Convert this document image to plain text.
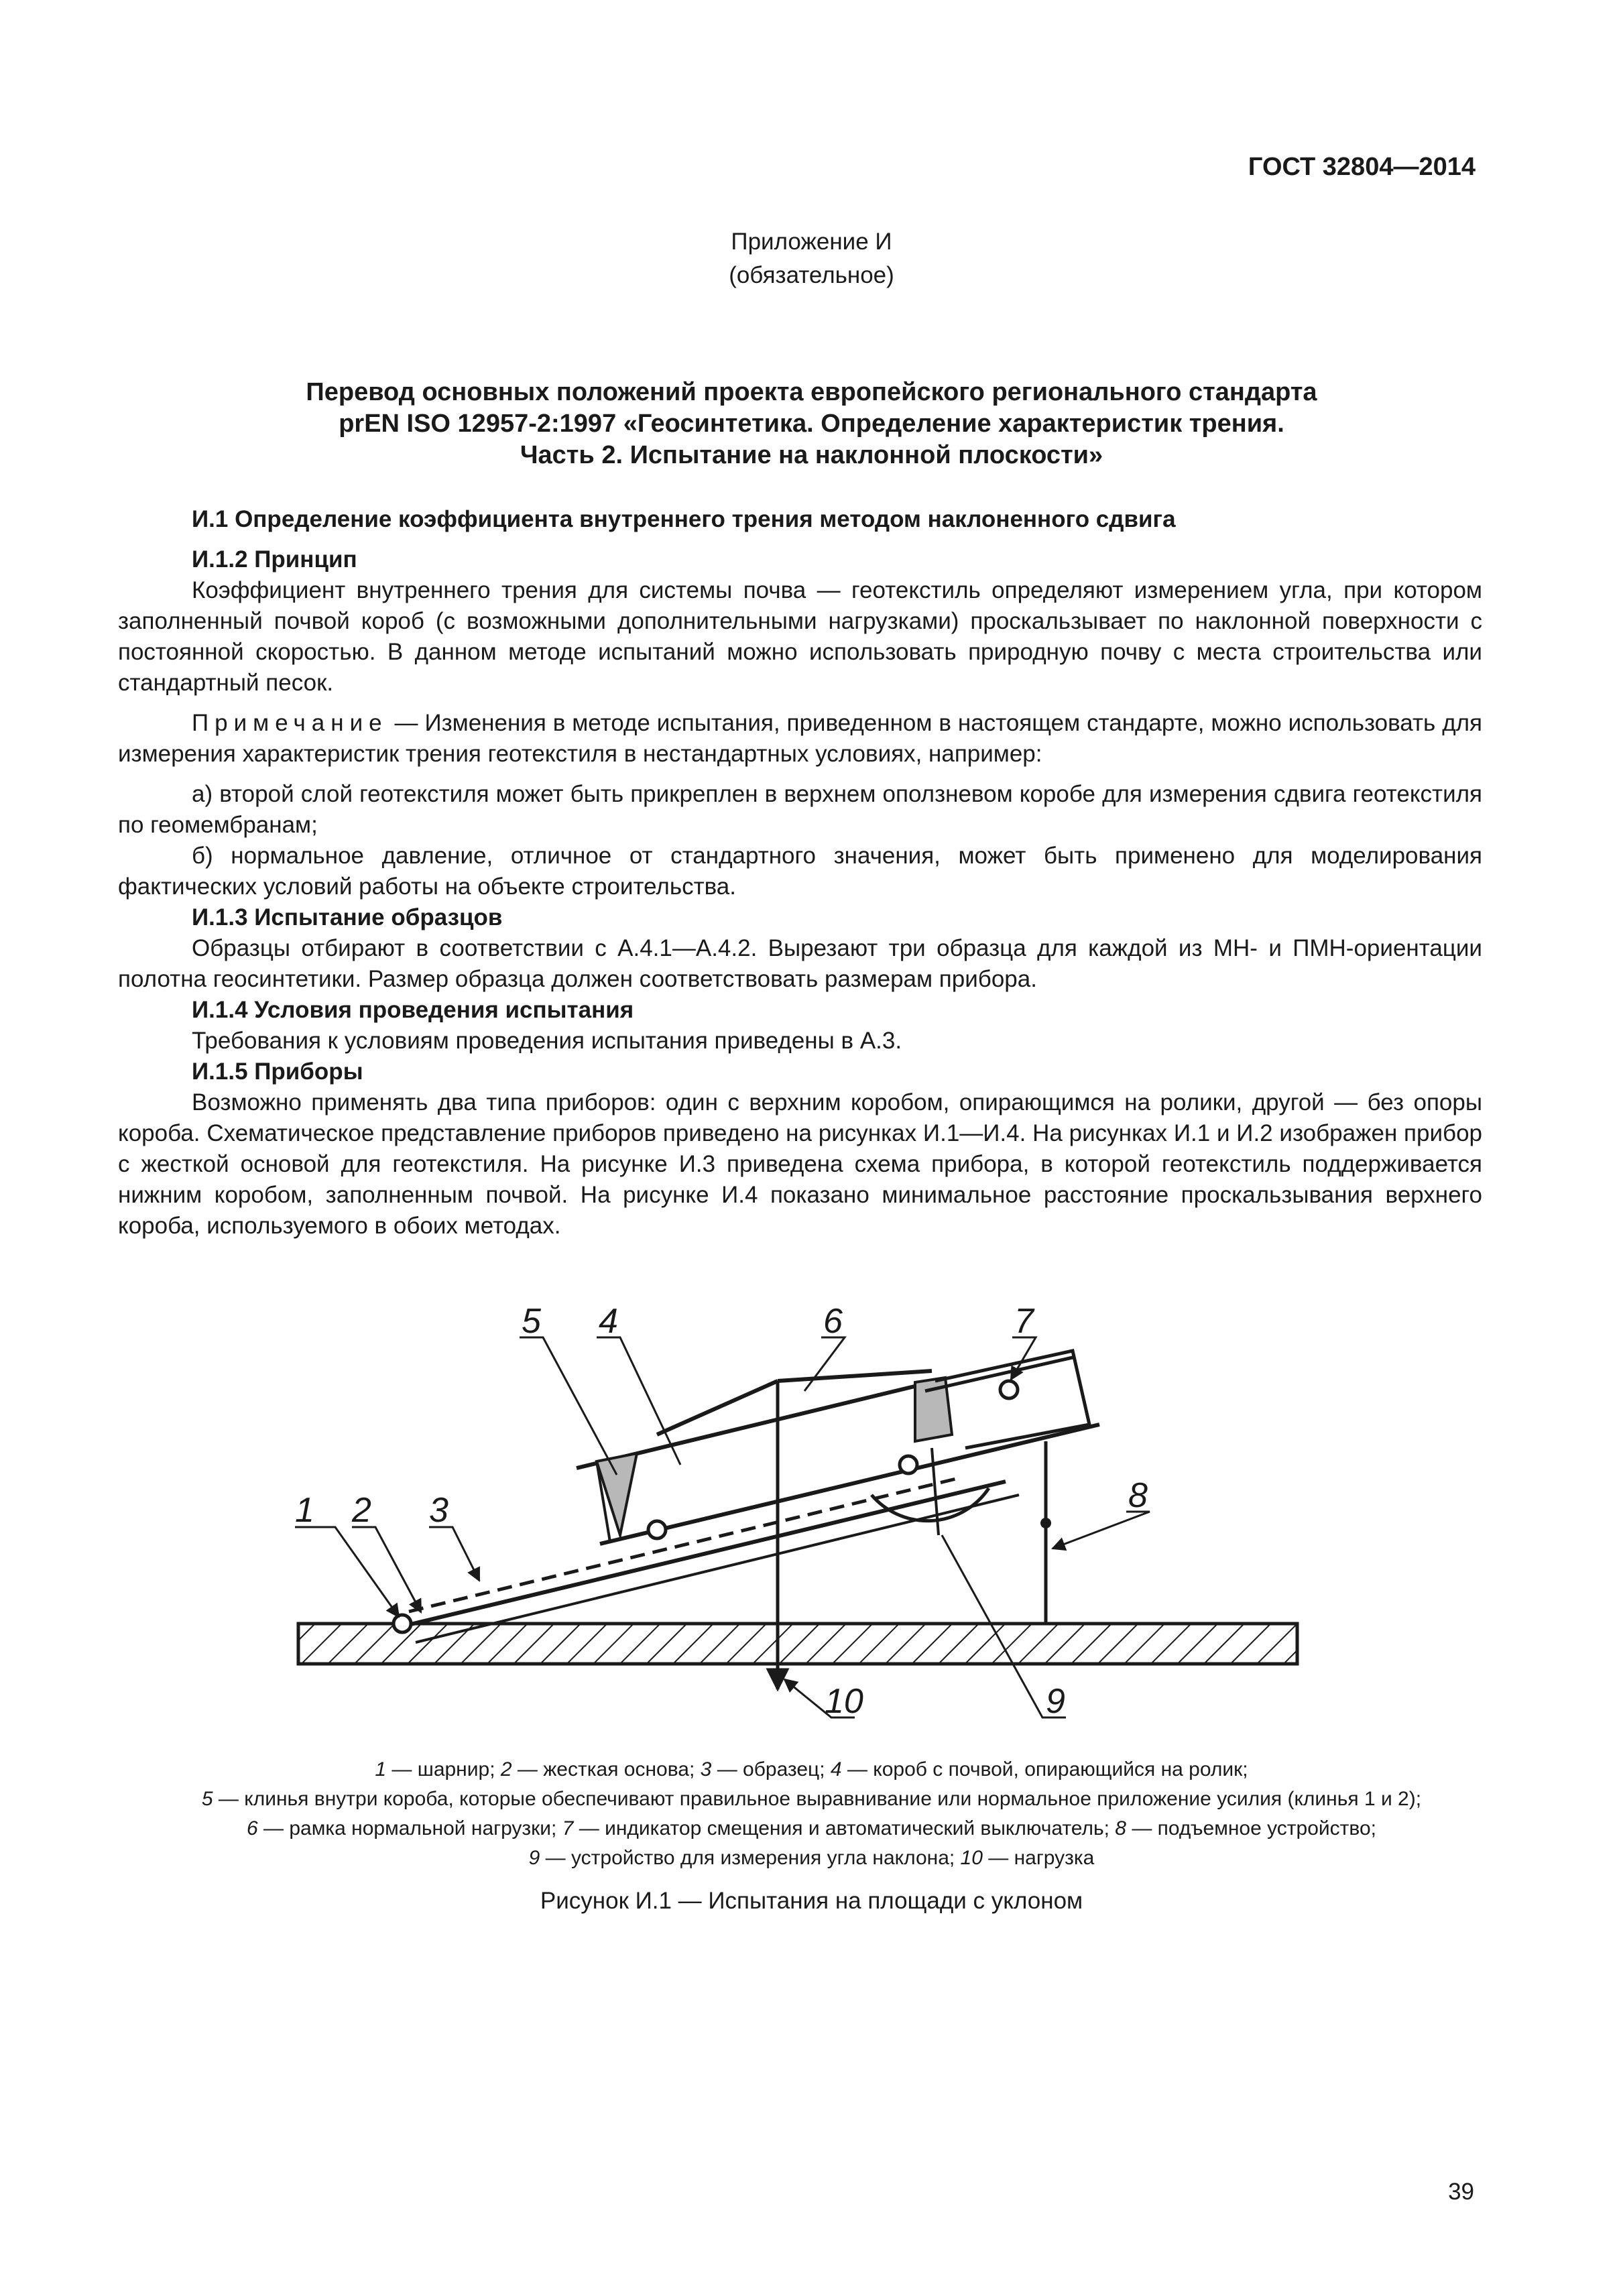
ГОСТ 32804—2014
Приложение И
(обязательное)
Перевод основных положений проекта европейского регионального стандарта
prEN ISO 12957-2:1997 «Геосинтетика. Определение характеристик трения.
Часть 2. Испытание на наклонной плоскости»
И.1 Определение коэффициента внутреннего трения методом наклоненного сдвига
И.1.2 Принцип

Коэффициент внутреннего трения для системы почва — геотекстиль определяют измерением угла, при котором заполненный почвой короб (с возможными дополнительными нагрузками) проскальзывает по наклонной поверхности с постоянной скоростью. В данном методе испытаний можно использовать природную почву с места строительства или стандартный песок.

Примечание — Изменения в методе испытания, приведенном в настоящем стандарте, можно использовать для измерения характеристик трения геотекстиля в нестандартных условиях, например:

а) второй слой геотекстиля может быть прикреплен в верхнем оползневом коробе для измерения сдвига геотекстиля по геомембранам;

б) нормальное давление, отличное от стандартного значения, может быть применено для моделирования фактических условий работы на объекте строительства.

И.1.3 Испытание образцов

Образцы отбирают в соответствии с А.4.1—А.4.2. Вырезают три образца для каждой из МН- и ПМН-ориентации полотна геосинтетики. Размер образца должен соответствовать размерам прибора.

И.1.4 Условия проведения испытания

Требования к условиям проведения испытания приведены в А.3.

И.1.5 Приборы

Возможно применять два типа приборов: один с верхним коробом, опирающимся на ролики, другой — без опоры короба. Схематическое представление приборов приведено на рисунках И.1—И.4. На рисунках И.1 и И.2 изображен прибор с жесткой основой для геотекстиля. На рисунке И.3 приведена схема прибора, в которой геотекстиль поддерживается нижним коробом, заполненным почвой. На рисунке И.4 показано минимальное расстояние проскальзывания верхнего короба, используемого в обоих методах.

1 2 3
4
5	6	7
8
9
10
1 — шарнир; 2 — жесткая основа; 3 — образец; 4 — короб с почвой, опирающийся на ролик;
5 — клинья внутри короба, которые обеспечивают правильное выравнивание или нормальное приложение усилия (клинья 1 и 2);
6 — рамка нормальной нагрузки; 7 — индикатор смещения и автоматический выключатель; 8 — подъемное устройство;
9 — устройство для измерения угла наклона; 10 — нагрузка
Рисунок И.1 — Испытания на площади с уклоном
39
